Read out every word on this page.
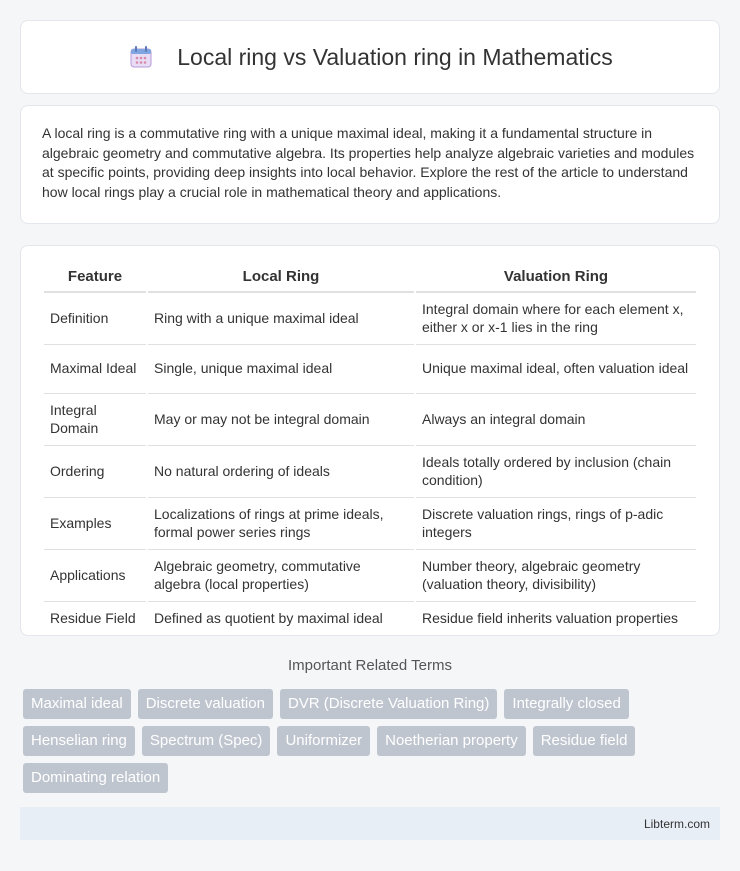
Local ring vs Valuation ring in Mathematics

A local ring is a commutative ring with a unique maximal ideal, making it a fundamental structure in algebraic geometry and commutative algebra. Its properties help analyze algebraic varieties and modules at specific points, providing deep insights into local behavior. Explore the rest of the article to understand how local rings play a crucial role in mathematical theory and applications.

Feature	Local Ring	Valuation Ring
Definition	Ring with a unique maximal ideal	Integral domain where for each element x, either x or x-1 lies in the ring
Maximal Ideal	Single, unique maximal ideal	Unique maximal ideal, often valuation ideal
Integral Domain	May or may not be integral domain	Always an integral domain
Ordering	No natural ordering of ideals	Ideals totally ordered by inclusion (chain condition)
Examples	Localizations of rings at prime ideals, formal power series rings	Discrete valuation rings, rings of p-adic integers
Applications	Algebraic geometry, commutative algebra (local properties)	Number theory, algebraic geometry (valuation theory, divisibility)
Residue Field	Defined as quotient by maximal ideal	Residue field inherits valuation properties
Important Related Terms
Maximal ideal	Discrete valuation	DVR (Discrete Valuation Ring)	Integrally closed
Henselian ring	Spectrum (Spec)	Uniformizer	Noetherian property	Residue field
Dominating relation
Libterm.com
